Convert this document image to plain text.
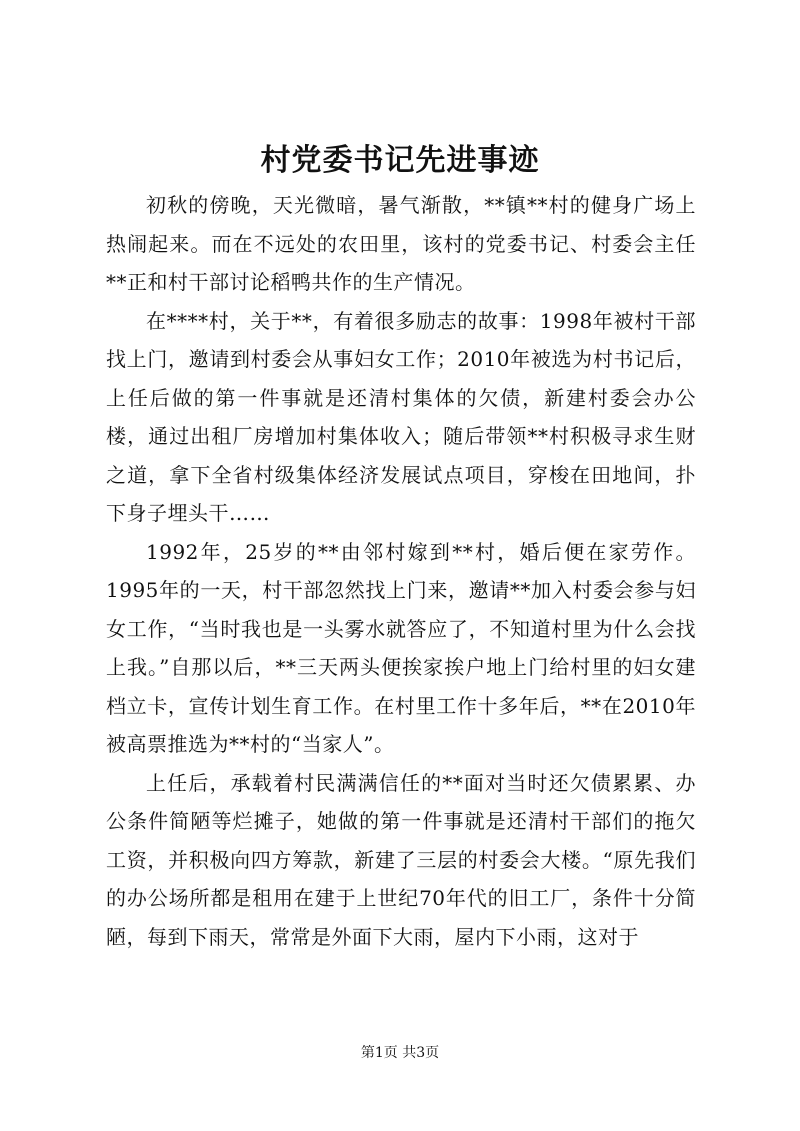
村党委书记先进事迹

初秋的傍晚，天光微暗，暑气渐散，**镇**村的健身广场上热闹起来。而在不远处的农田里，该村的党委书记、村委会主任**正和村干部讨论稻鸭共作的生产情况。

在****村，关于**，有着很多励志的故事：1998年被村干部找上门，邀请到村委会从事妇女工作；2010年被选为村书记后，上任后做的第一件事就是还清村集体的欠债，新建村委会办公楼，通过出租厂房增加村集体收入；随后带领**村积极寻求生财之道，拿下全省村级集体经济发展试点项目，穿梭在田地间，扑下身子埋头干……

1992年，25岁的**由邻村嫁到**村，婚后便在家劳作。1995年的一天，村干部忽然找上门来，邀请**加入村委会参与妇女工作，“当时我也是一头雾水就答应了，不知道村里为什么会找上我。”自那以后，**三天两头便挨家挨户地上门给村里的妇女建档立卡，宣传计划生育工作。在村里工作十多年后，**在2010年被高票推选为**村的“当家人”。

上任后，承载着村民满满信任的**面对当时还欠债累累、办公条件简陋等烂摊子，她做的第一件事就是还清村干部们的拖欠工资，并积极向四方筹款，新建了三层的村委会大楼。“原先我们的办公场所都是租用在建于上世纪70年代的旧工厂，条件十分简陋，每到下雨天，常常是外面下大雨，屋内下小雨，这对于

第1页 共3页
